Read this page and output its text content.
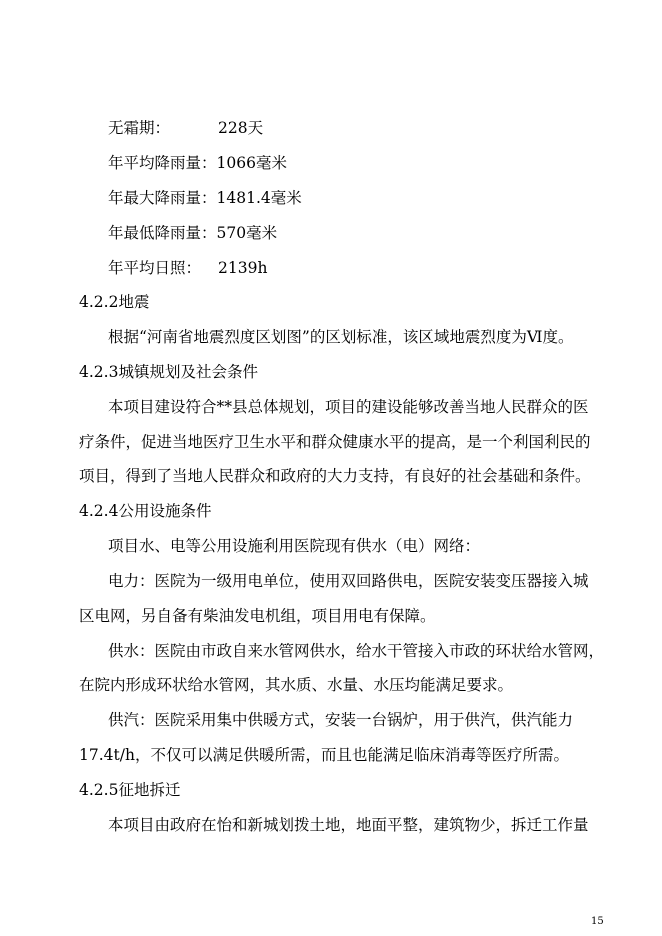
无霜期：	228天
年平均降雨量：1066毫米
年最大降雨量：1481.4毫米
年最低降雨量：570毫米
年平均日照： 2139h
4.2.2地震
根据“河南省地震烈度区划图”的区划标准，该区域地震烈度为Ⅵ度。
4.2.3城镇规划及社会条件
本项目建设符合**县总体规划，项目的建设能够改善当地人民群众的医
疗条件，促进当地医疗卫生水平和群众健康水平的提高，是一个利国利民的
项目，得到了当地人民群众和政府的大力支持，有良好的社会基础和条件。
4.2.4公用设施条件
项目水、电等公用设施利用医院现有供水（电）网络：
电力：医院为一级用电单位，使用双回路供电，医院安装变压器接入城
区电网，另自备有柴油发电机组，项目用电有保障。
供水：医院由市政自来水管网供水，给水干管接入市政的环状给水管网，
在院内形成环状给水管网，其水质、水量、水压均能满足要求。
供汽：医院采用集中供暖方式，安装一台锅炉，用于供汽，供汽能力
17.4t/h，不仅可以满足供暖所需，而且也能满足临床消毒等医疗所需。
4.2.5征地拆迁
本项目由政府在怡和新城划拨土地，地面平整，建筑物少，拆迁工作量
15
